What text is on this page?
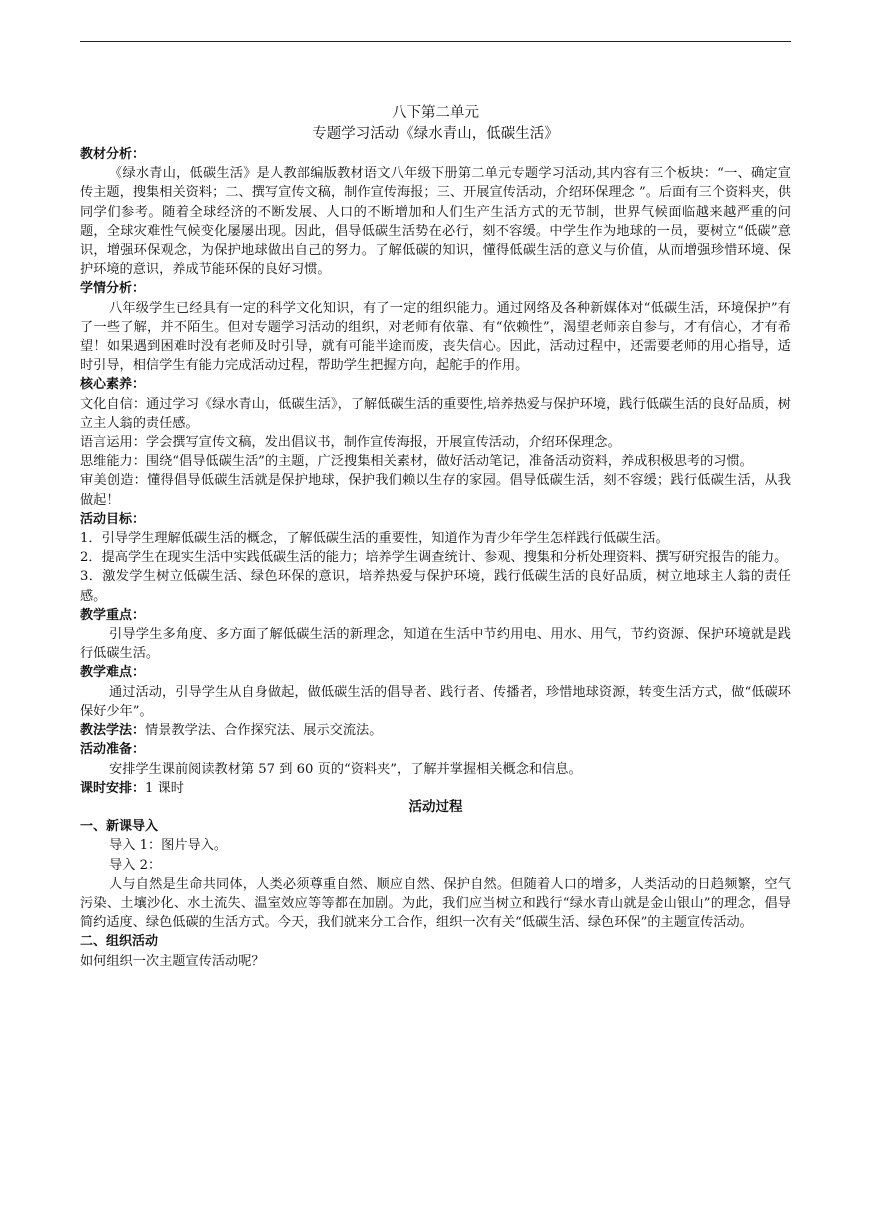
八下第二单元
专题学习活动《绿水青山，低碳生活》
教材分析：

《绿水青山，低碳生活》是人教部编版教材语文八年级下册第二单元专题学习活动,其内容有三个板块：“一、确定宣传主题，搜集相关资料；二、撰写宣传文稿，制作宣传海报；三、开展宣传活动，介绍环保理念 ”。后面有三个资料夹，供同学们参考。随着全球经济的不断发展、人口的不断增加和人们生产生活方式的无节制，世界气候面临越来越严重的问题，全球灾难性气候变化屡屡出现。因此，倡导低碳生活势在必行，刻不容缓。中学生作为地球的一员，要树立“低碳”意识，增强环保观念，为保护地球做出自己的努力。了解低碳的知识，懂得低碳生活的意义与价值，从而增强珍惜环境、保护环境的意识，养成节能环保的良好习惯。

学情分析：

八年级学生已经具有一定的科学文化知识，有了一定的组织能力。通过网络及各种新媒体对“低碳生活，环境保护”有了一些了解，并不陌生。但对专题学习活动的组织，对老师有依靠、有“依赖性”，渴望老师亲自参与，才有信心，才有希望！如果遇到困难时没有老师及时引导，就有可能半途而废，丧失信心。因此，活动过程中，还需要老师的用心指导，适时引导，相信学生有能力完成活动过程，帮助学生把握方向，起舵手的作用。

核心素养：

文化自信：通过学习《绿水青山，低碳生活》，了解低碳生活的重要性,培养热爱与保护环境，践行低碳生活的良好品质，树立主人翁的责任感。

语言运用：学会撰写宣传文稿，发出倡议书，制作宣传海报，开展宣传活动，介绍环保理念。

思维能力：围绕“倡导低碳生活”的主题，广泛搜集相关素材，做好活动笔记，准备活动资料，养成积极思考的习惯。

审美创造：懂得倡导低碳生活就是保护地球，保护我们赖以生存的家园。倡导低碳生活，刻不容缓；践行低碳生活，从我做起！

活动目标：

1．引导学生理解低碳生活的概念，了解低碳生活的重要性，知道作为青少年学生怎样践行低碳生活。

2．提高学生在现实生活中实践低碳生活的能力；培养学生调查统计、参观、搜集和分析处理资料、撰写研究报告的能力。

3．激发学生树立低碳生活、绿色环保的意识，培养热爱与保护环境，践行低碳生活的良好品质，树立地球主人翁的责任感。

教学重点：

引导学生多角度、多方面了解低碳生活的新理念，知道在生活中节约用电、用水、用气，节约资源、保护环境就是践行低碳生活。

教学难点：

通过活动，引导学生从自身做起，做低碳生活的倡导者、践行者、传播者，珍惜地球资源，转变生活方式，做“低碳环保好少年”。

教法学法：情景教学法、合作探究法、展示交流法。

活动准备：

安排学生课前阅读教材第 57 到 60 页的“资料夹”，了解并掌握相关概念和信息。

课时安排：1 课时

活动过程
一、新课导入

导入 1：图片导入。

导入 2：

人与自然是生命共同体，人类必须尊重自然、顺应自然、保护自然。但随着人口的增多，人类活动的日趋频繁，空气污染、土壤沙化、水土流失、温室效应等等都在加剧。为此，我们应当树立和践行“绿水青山就是金山银山”的理念，倡导简约适度、绿色低碳的生活方式。今天，我们就来分工合作，组织一次有关“低碳生活、绿色环保”的主题宣传活动。

二、组织活动

如何组织一次主题宣传活动呢？
